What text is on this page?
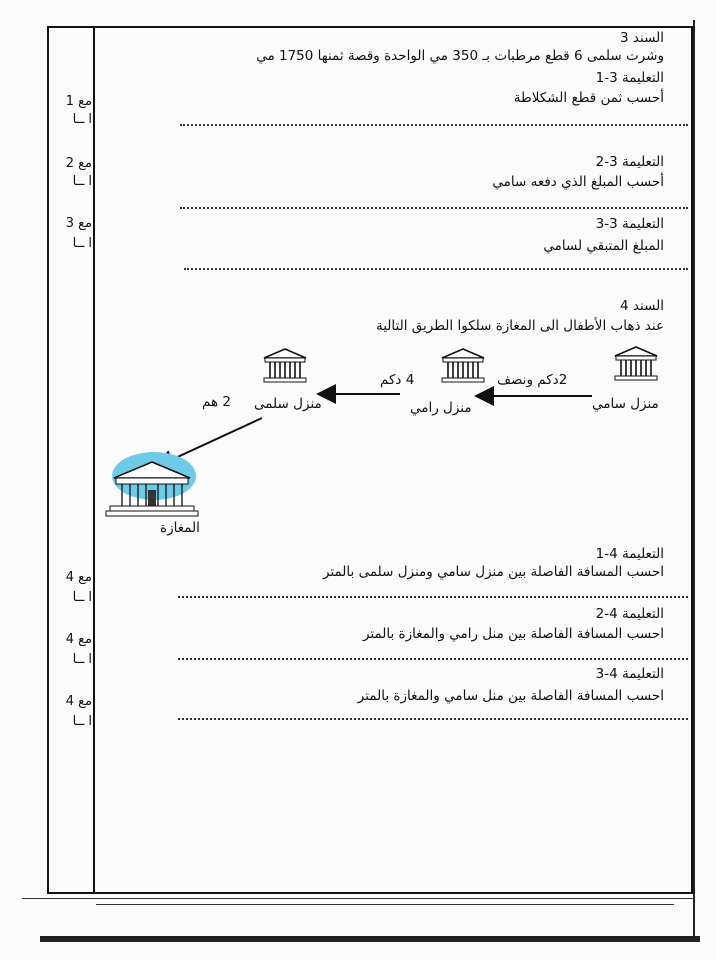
السند 3
وشرت سلمى 6 قطع مرطبات بـ 350 مي الواحدة وقصة ثمنها 1750 مي
التعليمة 3-1
أحسب ثمن قطع الشكلاطة
مع 1
ا ــا
التعليمة 3-2
أحسب المبلغ الذي دفعه سامي
مع 2
ا ــا
التعليمة 3-3
المبلغ المتبقي لسامي
مع 3
ا ــا
السند 4
عند ذهاب الأطفال الى المغازة سلكوا الطريق التالية
منزل سامي
منزل رامي
منزل سلمى
المغازة
2دكم ونصف
4 دكم
2 هم
التعليمة 4-1
احسب المسافة الفاصلة بين منزل سامي ومنزل سلمى بالمتر
مع 4
ا ــا
التعليمة 4-2
احسب المسافة الفاصلة بين منل رامي والمغازة بالمتر
مع 4
ا ــا
التعليمة 4-3
احسب المسافة الفاصلة بين منل سامي والمغازة بالمتر
مع 4
ا ــا
